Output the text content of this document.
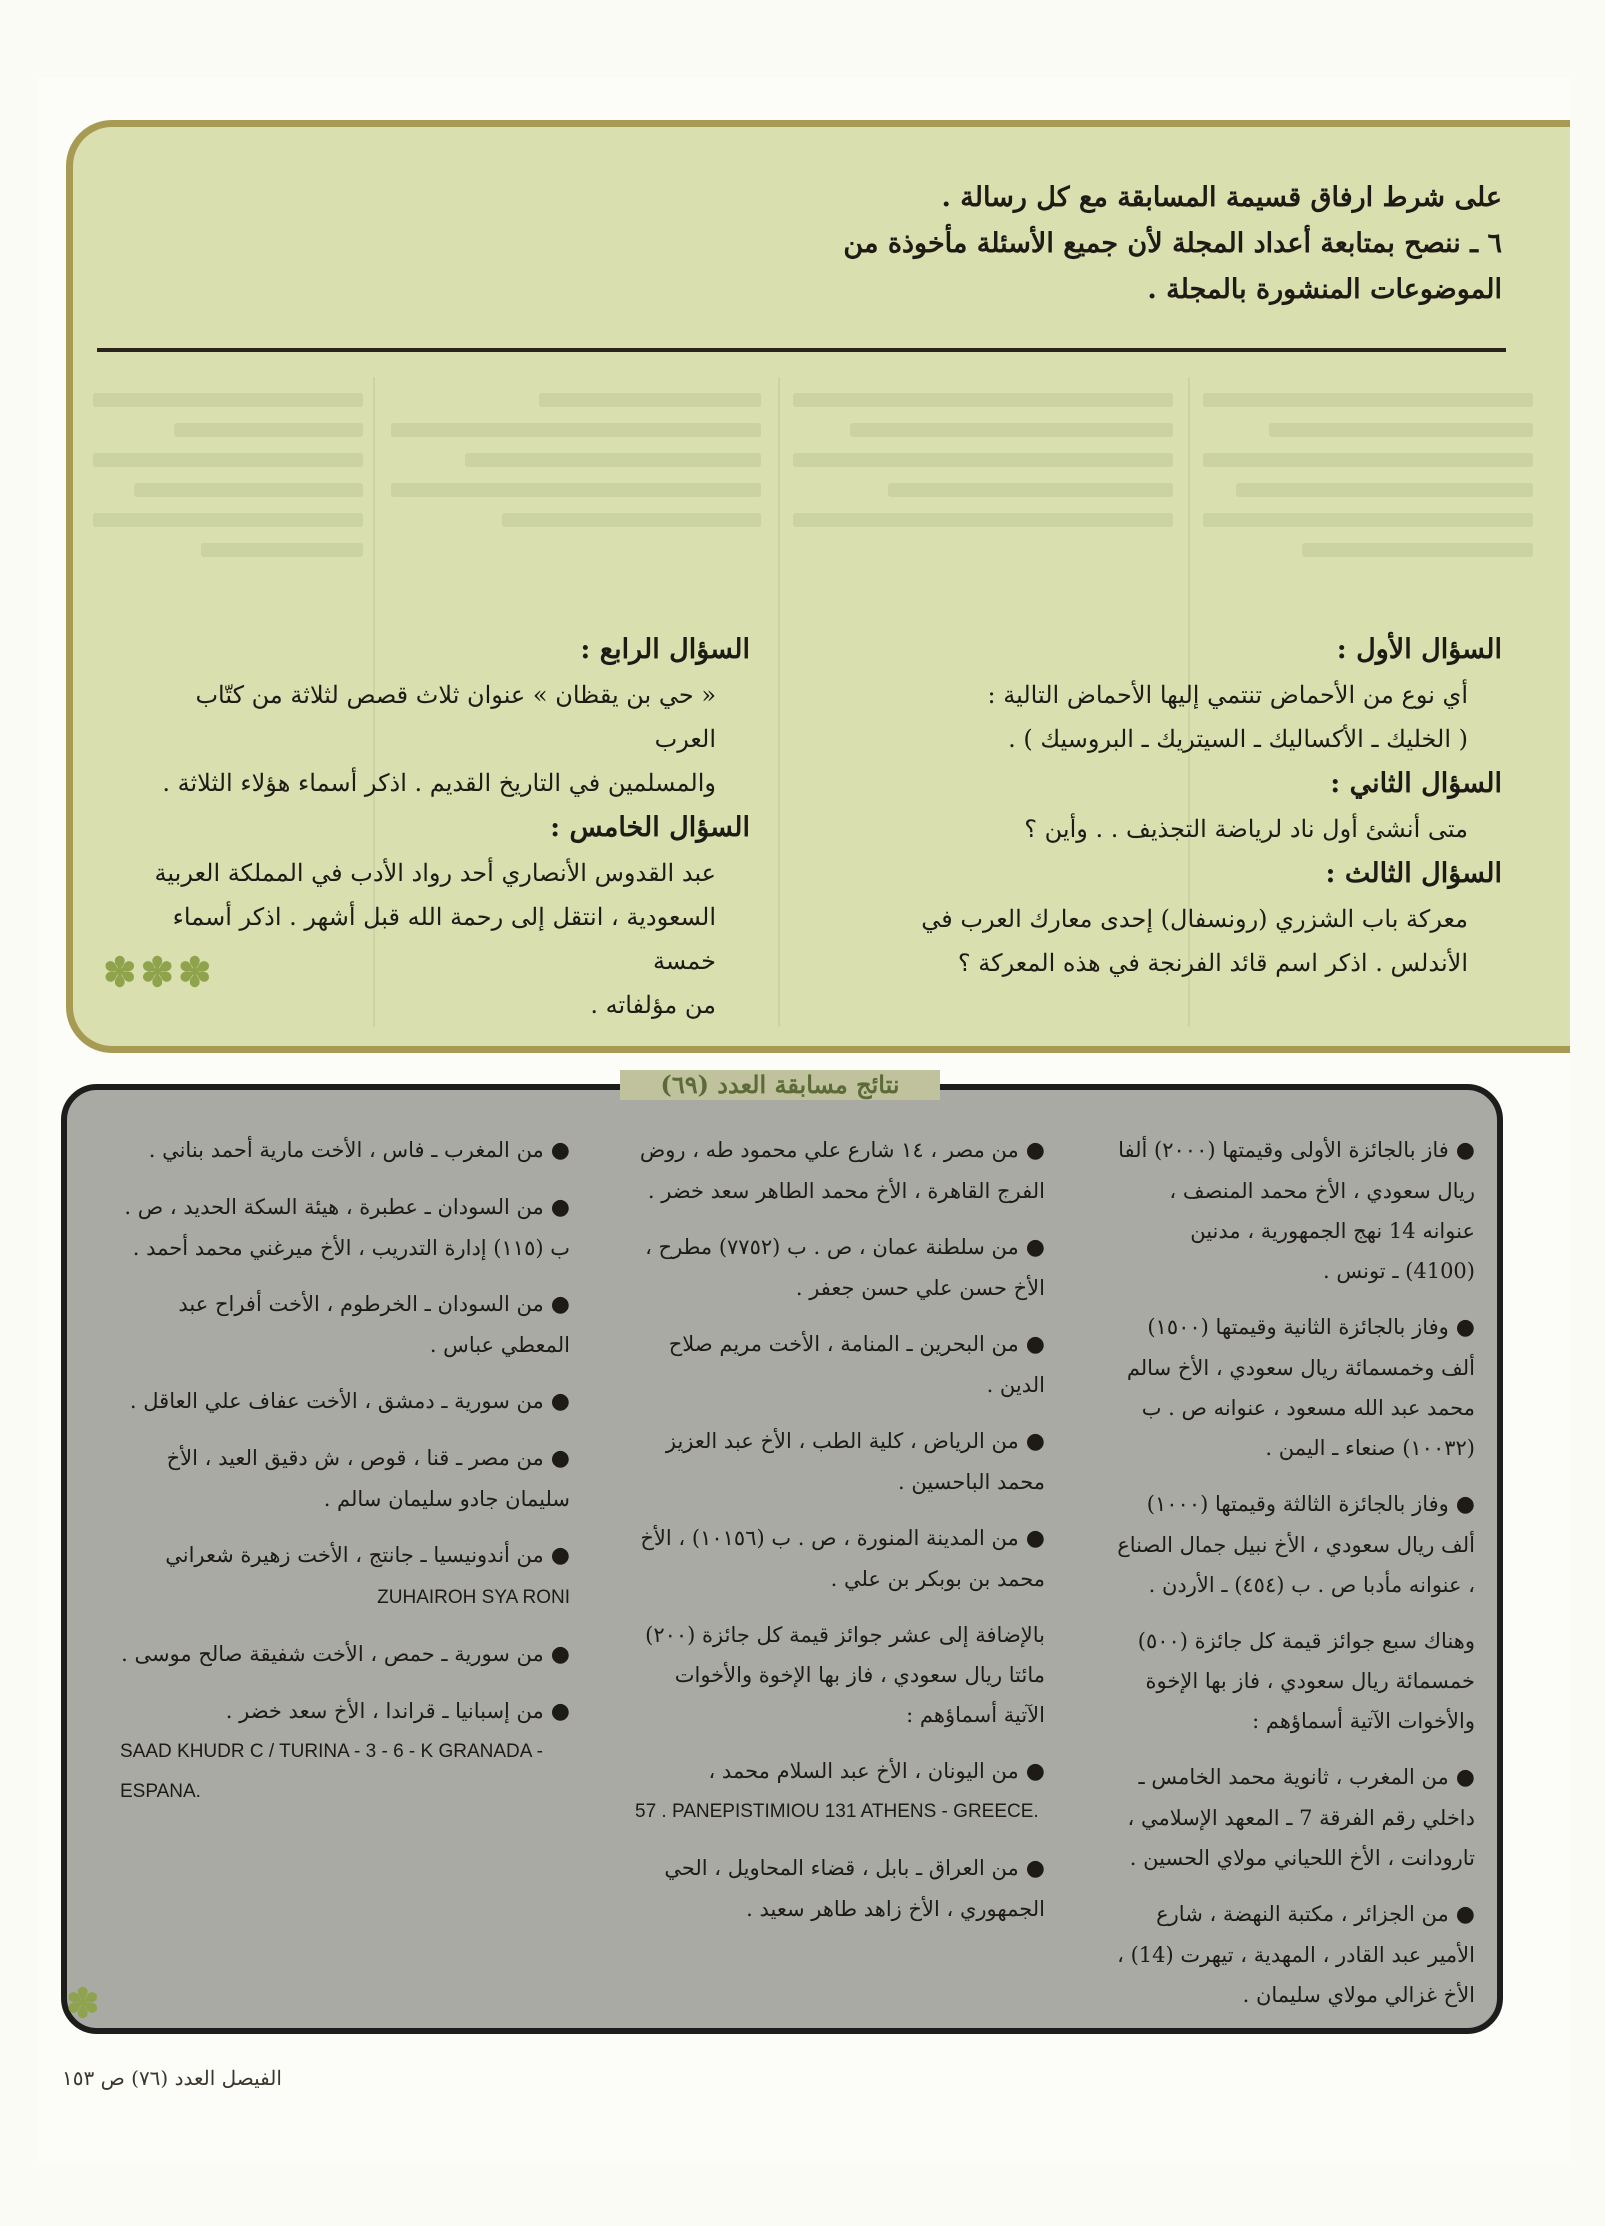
على شرط ارفاق قسيمة المسابقة مع كل رسالة .

٦ ـ ننصح بمتابعة أعداد المجلة لأن جميع الأسئلة مأخوذة من

الموضوعات المنشورة بالمجلة .

السؤال الأول :

أي نوع من الأحماض تنتمي إليها الأحماض التالية :

( الخليك ـ الأكساليك ـ السيتريك ـ البروسيك ) .

السؤال الثاني :

متى أنشئ أول ناد لرياضة التجذيف . . وأين ؟

السؤال الثالث :

معركة باب الشزري (رونسفال) إحدى معارك العرب في

الأندلس . اذكر اسم قائد الفرنجة في هذه المعركة ؟

السؤال الرابع :

« حي بن يقظان » عنوان ثلاث قصص لثلاثة من كتّاب العرب

والمسلمين في التاريخ القديم . اذكر أسماء هؤلاء الثلاثة .

السؤال الخامس :

عبد القدوس الأنصاري أحد رواد الأدب في المملكة العربية

السعودية ، انتقل إلى رحمة الله قبل أشهر . اذكر أسماء خمسة

من مؤلفاته .

✽✽✽
نتائج مسابقة العدد (٦٩)

● فاز بالجائزة الأولى وقيمتها (٢٠٠٠) ألفا ريال سعودي ، الأخ محمد المنصف ، عنوانه 14 نهج الجمهورية ، مدنين (4100) ـ تونس .

● وفاز بالجائزة الثانية وقيمتها (١٥٠٠) ألف وخمسمائة ريال سعودي ، الأخ سالم محمد عبد الله مسعود ، عنوانه ص . ب (١٠٠٣٢) صنعاء ـ اليمن .

● وفاز بالجائزة الثالثة وقيمتها (١٠٠٠) ألف ريال سعودي ، الأخ نبيل جمال الصناع ، عنوانه مأدبا ص . ب (٤٥٤) ـ الأردن .

وهناك سبع جوائز قيمة كل جائزة (٥٠٠) خمسمائة ريال سعودي ، فاز بها الإخوة والأخوات الآتية أسماؤهم :

● من المغرب ، ثانوية محمد الخامس ـ داخلي رقم الفرقة 7 ـ المعهد الإسلامي ، تارودانت ، الأخ اللحياني مولاي الحسين .

● من الجزائر ، مكتبة النهضة ، شارع الأمير عبد القادر ، المهدية ، تيهرت (14) ، الأخ غزالي مولاي سليمان .

● من مصر ، ١٤ شارع علي محمود طه ، روض الفرج القاهرة ، الأخ محمد الطاهر سعد خضر .

● من سلطنة عمان ، ص . ب (٧٧٥٢) مطرح ، الأخ حسن علي حسن جعفر .

● من البحرين ـ المنامة ، الأخت مريم صلاح الدين .

● من الرياض ، كلية الطب ، الأخ عبد العزيز محمد الباحسين .

● من المدينة المنورة ، ص . ب (١٠١٥٦) ، الأخ محمد بن بوبكر بن علي .

بالإضافة إلى عشر جوائز قيمة كل جائزة (٢٠٠) مائتا ريال سعودي ، فاز بها الإخوة والأخوات الآتية أسماؤهم :

● من اليونان ، الأخ عبد السلام محمد ،
57 . PANEPISTIMIOU 131 ATHENS - GREECE.

● من العراق ـ بابل ، قضاء المحاويل ، الحي الجمهوري ، الأخ زاهد طاهر سعيد .

● من المغرب ـ فاس ، الأخت مارية أحمد بناني .

● من السودان ـ عطبرة ، هيئة السكة الحديد ، ص . ب (١١٥) إدارة التدريب ، الأخ ميرغني محمد أحمد .

● من السودان ـ الخرطوم ، الأخت أفراح عبد المعطي عباس .

● من سورية ـ دمشق ، الأخت عفاف علي العاقل .

● من مصر ـ قنا ، قوص ، ش دقيق العيد ، الأخ سليمان جادو سليمان سالم .

● من أندونيسيا ـ جانتج ، الأخت زهيرة شعراني ZUHAIROH SYA RONI

● من سورية ـ حمص ، الأخت شفيقة صالح موسى .

● من إسبانيا ـ قراندا ، الأخ سعد خضر .
SAAD KHUDR C / TURINA - 3 - 6 - K GRANADA - ESPANA.

✽
الفيصل العدد (٧٦) ص ١٥٣
